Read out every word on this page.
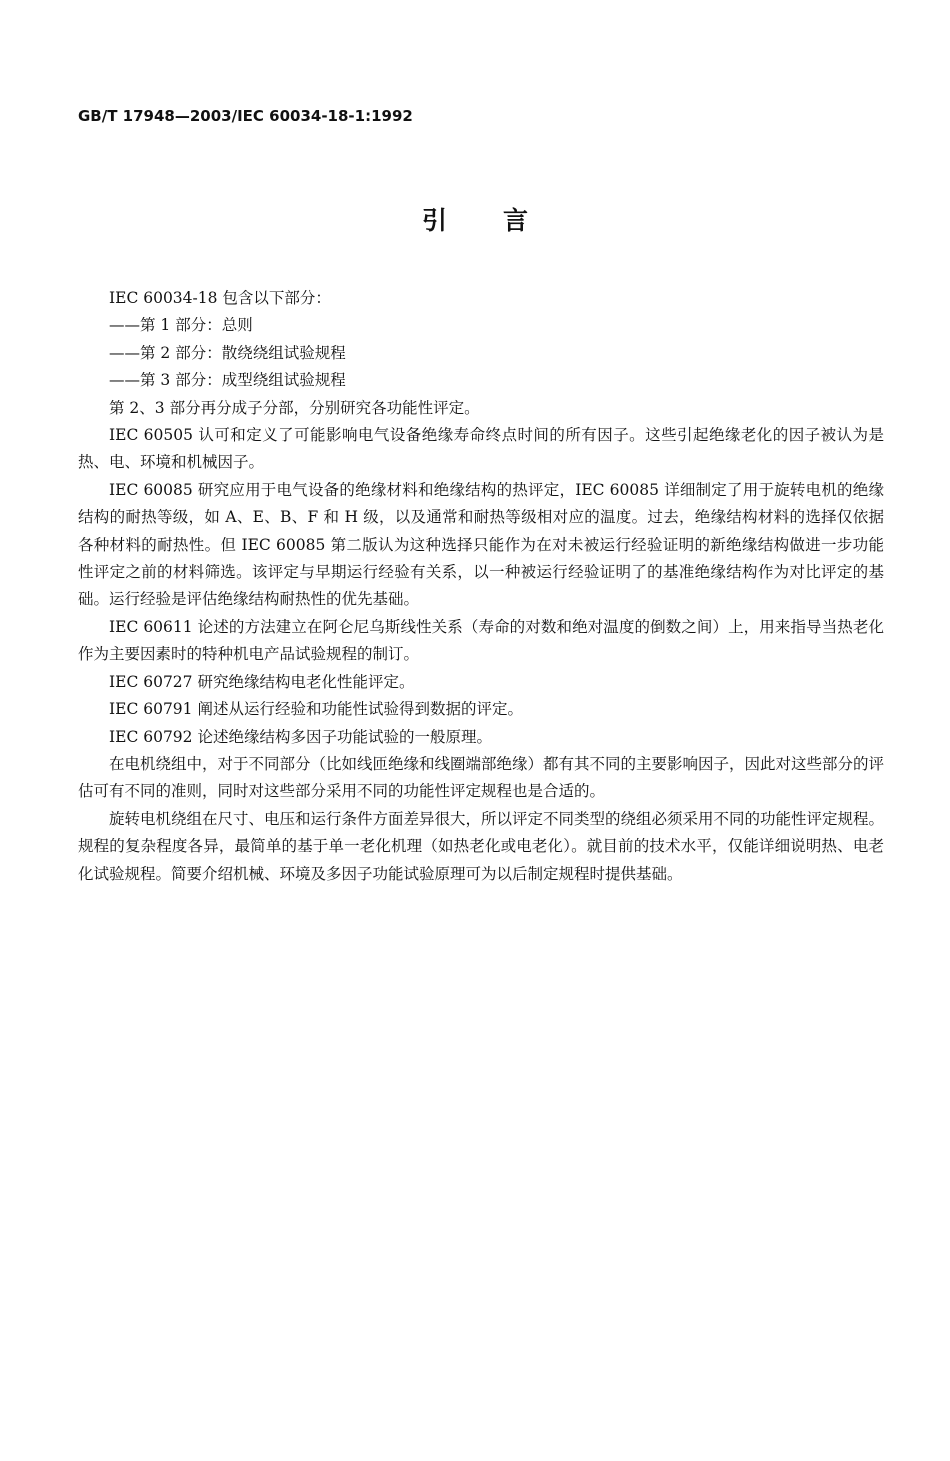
GB/T 17948—2003/IEC 60034-18-1:1992
引言

IEC 60034-18 包含以下部分：

——第 1 部分：总则

——第 2 部分：散绕绕组试验规程

——第 3 部分：成型绕组试验规程

第 2、3 部分再分成子分部，分别研究各功能性评定。

IEC 60505 认可和定义了可能影响电气设备绝缘寿命终点时间的所有因子。这些引起绝缘老化的因子被认为是热、电、环境和机械因子。

IEC 60085 研究应用于电气设备的绝缘材料和绝缘结构的热评定，IEC 60085 详细制定了用于旋转电机的绝缘结构的耐热等级，如 A、E、B、F 和 H 级，以及通常和耐热等级相对应的温度。过去，绝缘结构材料的选择仅依据各种材料的耐热性。但 IEC 60085 第二版认为这种选择只能作为在对未被运行经验证明的新绝缘结构做进一步功能性评定之前的材料筛选。该评定与早期运行经验有关系，以一种被运行经验证明了的基准绝缘结构作为对比评定的基础。运行经验是评估绝缘结构耐热性的优先基础。

IEC 60611 论述的方法建立在阿仑尼乌斯线性关系（寿命的对数和绝对温度的倒数之间）上，用来指导当热老化作为主要因素时的特种机电产品试验规程的制订。

IEC 60727 研究绝缘结构电老化性能评定。

IEC 60791 阐述从运行经验和功能性试验得到数据的评定。

IEC 60792 论述绝缘结构多因子功能试验的一般原理。

在电机绕组中，对于不同部分（比如线匝绝缘和线圈端部绝缘）都有其不同的主要影响因子，因此对这些部分的评估可有不同的准则，同时对这些部分采用不同的功能性评定规程也是合适的。

旋转电机绕组在尺寸、电压和运行条件方面差异很大，所以评定不同类型的绕组必须采用不同的功能性评定规程。规程的复杂程度各异，最简单的基于单一老化机理（如热老化或电老化）。就目前的技术水平，仅能详细说明热、电老化试验规程。简要介绍机械、环境及多因子功能试验原理可为以后制定规程时提供基础。
